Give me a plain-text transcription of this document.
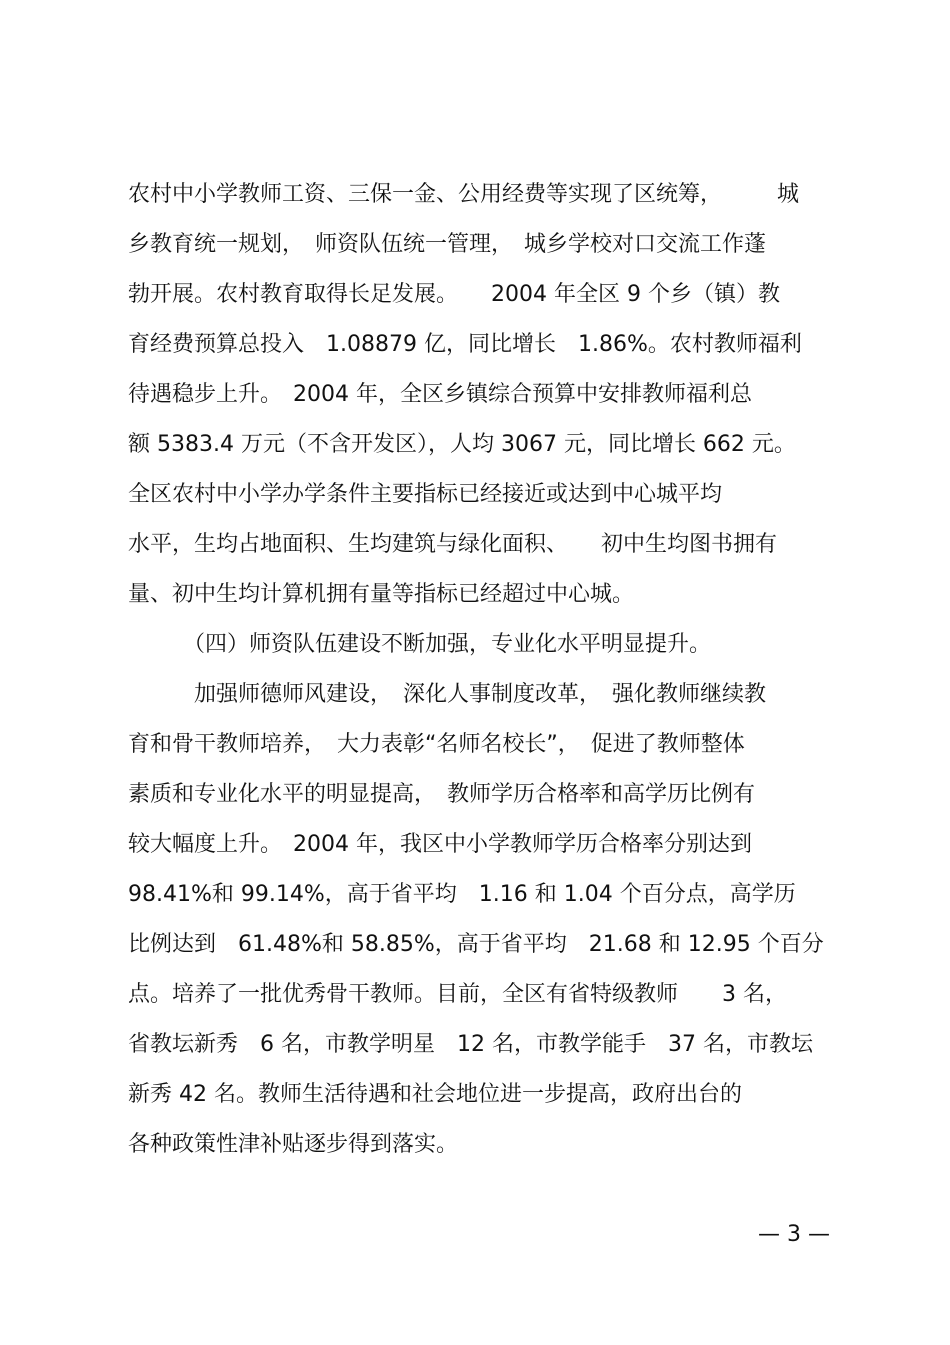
农村中小学教师工资、三保一金、公用经费等实现了区统筹，　　　城
乡教育统一规划，　师资队伍统一管理，　城乡学校对口交流工作蓬
勃开展。农村教育取得长足发展。　　2004 年全区 9 个乡（镇）教
育经费预算总投入　1.08879 亿，同比增长　1.86%。农村教师福利
待遇稳步上升。　2004 年，全区乡镇综合预算中安排教师福利总
额 5383.4 万元（不含开发区），人均 3067 元，同比增长 662 元。
全区农村中小学办学条件主要指标已经接近或达到中心城平均
水平，生均占地面积、生均建筑与绿化面积、　　初中生均图书拥有
量、初中生均计算机拥有量等指标已经超过中心城。
　　　（四）师资队伍建设不断加强，专业化水平明显提升。
　　　加强师德师风建设，　深化人事制度改革，　强化教师继续教
育和骨干教师培养，　大力表彰“名师名校长”，　促进了教师整体
素质和专业化水平的明显提高，　教师学历合格率和高学历比例有
较大幅度上升。　2004 年，我区中小学教师学历合格率分别达到
98.41%和 99.14%，高于省平均　1.16 和 1.04 个百分点，高学历
比例达到　61.48%和 58.85%，高于省平均　21.68 和 12.95 个百分
点。培养了一批优秀骨干教师。目前，全区有省特级教师　　3 名，
省教坛新秀　6 名，市教学明星　12 名，市教学能手　37 名，市教坛
新秀 42 名。教师生活待遇和社会地位进一步提高，政府出台的
各种政策性津补贴逐步得到落实。
— 3 —
